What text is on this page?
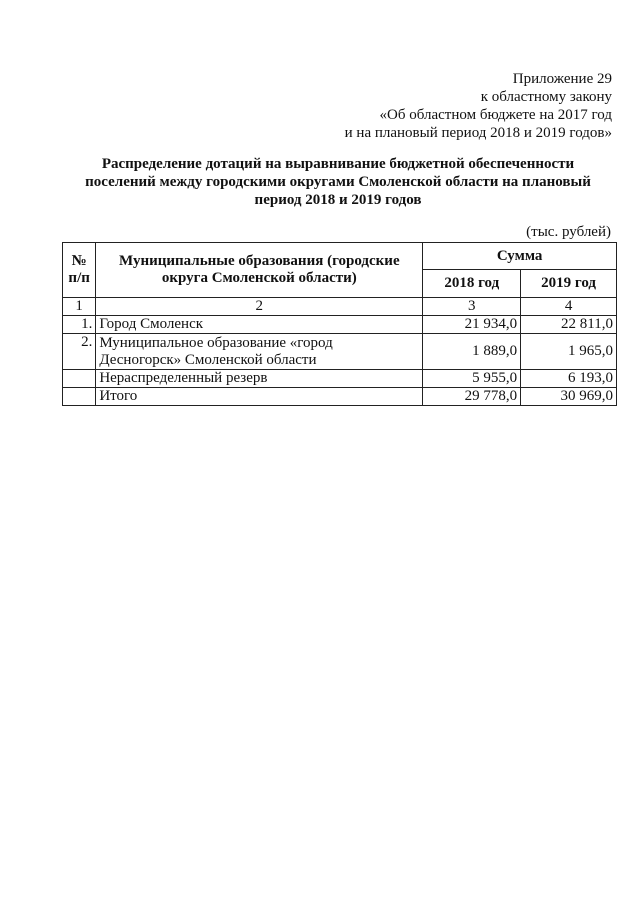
Приложение 29
к областному закону
«Об областном бюджете на 2017 год
и на плановый период 2018 и 2019 годов»
Распределение дотаций на выравнивание бюджетной обеспеченности
поселений между городскими округами Смоленской области на плановый
период 2018 и 2019 годов
(тыс. рублей)
№ п/п	Муниципальные образования (городские округа Смоленской области)	Сумма	
		2018 год	2019 год
1	2	3	4
1.	Город Смоленск	21 934,0	22 811,0
2.	Муниципальное образование «город
Десногорск» Смоленской области	1 889,0	1 965,0

	Нераспределенный резерв	5 955,0	6 193,0

	Итого	29 778,0	30 969,0
